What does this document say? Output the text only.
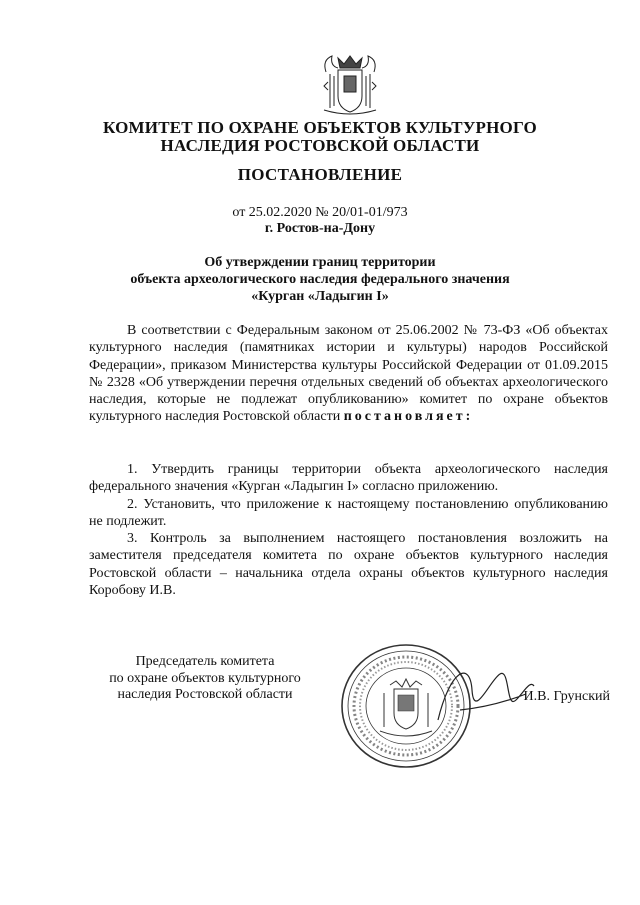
КОМИТЕТ ПО ОХРАНЕ ОБЪЕКТОВ КУЛЬТУРНОГО
НАСЛЕДИЯ РОСТОВСКОЙ ОБЛАСТИ
ПОСТАНОВЛЕНИЕ
от 25.02.2020 № 20/01-01/973
г. Ростов-на-Дону
Об утверждении границ территории
объекта археологического наследия федерального значения
«Курган «Ладыгин I»
В соответствии с Федеральным законом от 25.06.2002 № 73-ФЗ «Об объектах культурного наследия (памятниках истории и культуры) народов Российской Федерации», приказом Министерства культуры Российской Федерации от 01.09.2015 № 2328 «Об утверждении перечня отдельных сведений об объектах археологического наследия, которые не подлежат опубликованию» комитет по охране объектов культурного наследия Ростовской области постановляет:

1. Утвердить границы территории объекта археологического наследия федерального значения «Курган «Ладыгин I» согласно приложению.

2. Установить, что приложение к настоящему постановлению опубликованию не подлежит.

3. Контроль за выполнением настоящего постановления возложить на заместителя председателя комитета по охране объектов культурного наследия Ростовской области – начальника отдела охраны объектов культурного наследия Коробову И.В.

Председатель комитета
по охране объектов культурного
наследия Ростовской области	И.В. Грунский
